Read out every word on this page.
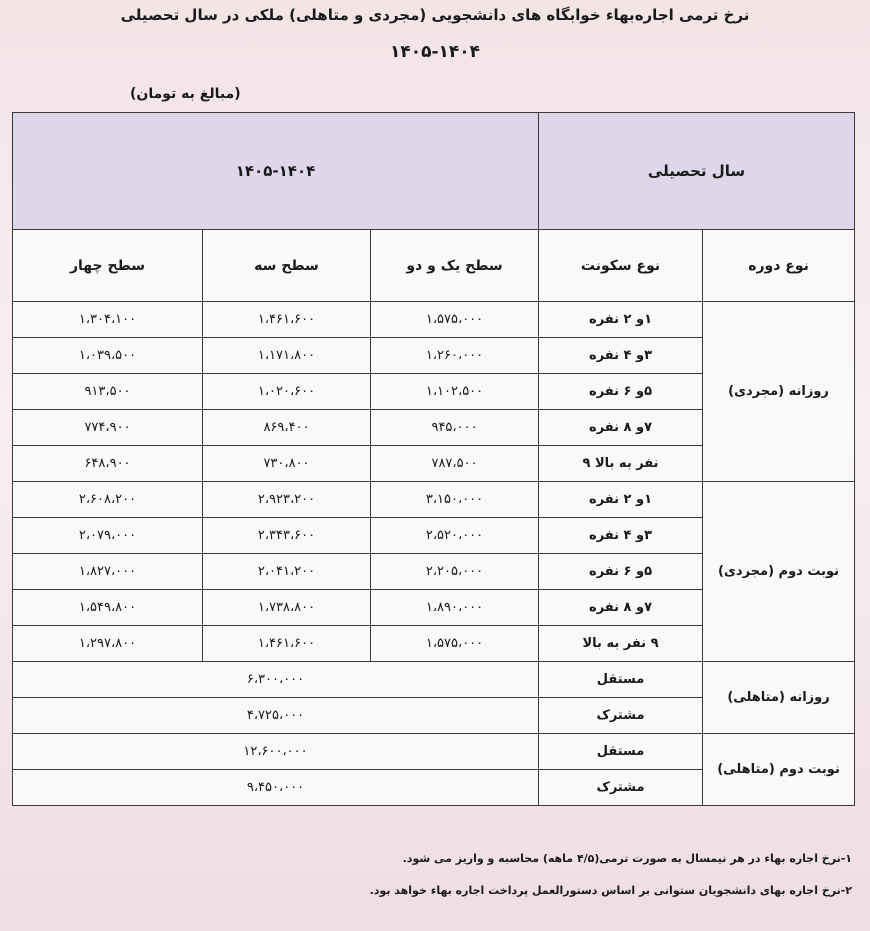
نرخ ترمی اجاره‌بهاء خوابگاه های دانشجویی (مجردی و متاهلی) ملکی در سال تحصیلی
۱۴۰۵-۱۴۰۴
(مبالغ به تومان)
۱۴۰۵-۱۴۰۴			سال تحصیلی	
سطح چهار	سطح سه	سطح یک و دو	نوع سکونت	نوع دوره
۱،۳۰۴،۱۰۰	۱،۴۶۱،۶۰۰	۱،۵۷۵،۰۰۰	۱و ۲ نفره	روزانه (مجردی)
۱،۰۳۹،۵۰۰	۱،۱۷۱،۸۰۰	۱،۲۶۰،۰۰۰	۳و ۴ نفره	
۹۱۳،۵۰۰	۱،۰۲۰،۶۰۰	۱،۱۰۲،۵۰۰	۵و ۶ نفره	
۷۷۴،۹۰۰	۸۶۹،۴۰۰	۹۴۵،۰۰۰	۷و ۸ نفره	
۶۴۸،۹۰۰	۷۳۰،۸۰۰	۷۸۷،۵۰۰	نفر به بالا ۹	
۲،۶۰۸،۲۰۰	۲،۹۲۳،۲۰۰	۳،۱۵۰،۰۰۰	۱و ۲ نفره	نوبت دوم (مجردی)
۲،۰۷۹،۰۰۰	۲،۳۴۳،۶۰۰	۲،۵۲۰،۰۰۰	۳و ۴ نفره	
۱،۸۲۷،۰۰۰	۲،۰۴۱،۲۰۰	۲،۲۰۵،۰۰۰	۵و ۶ نفره	
۱،۵۴۹،۸۰۰	۱،۷۳۸،۸۰۰	۱،۸۹۰،۰۰۰	۷و ۸ نفره	
۱،۲۹۷،۸۰۰	۱،۴۶۱،۶۰۰	۱،۵۷۵،۰۰۰	۹ نفر به بالا	
۶،۳۰۰،۰۰۰			مستقل	روزانه (متاهلی)
۴،۷۲۵،۰۰۰			مشترک	
۱۲،۶۰۰،۰۰۰			مستقل	نوبت دوم (متاهلی)
۹،۴۵۰،۰۰۰			مشترک	
۱-نرخ اجاره بهاء در هر نیمسال به صورت ترمی(۴/۵ ماهه) محاسبه و واریز می شود.
۲-نرخ اجاره بهای دانشجویان ستوانی بر اساس دستورالعمل پرداخت اجاره بهاء خواهد بود.
